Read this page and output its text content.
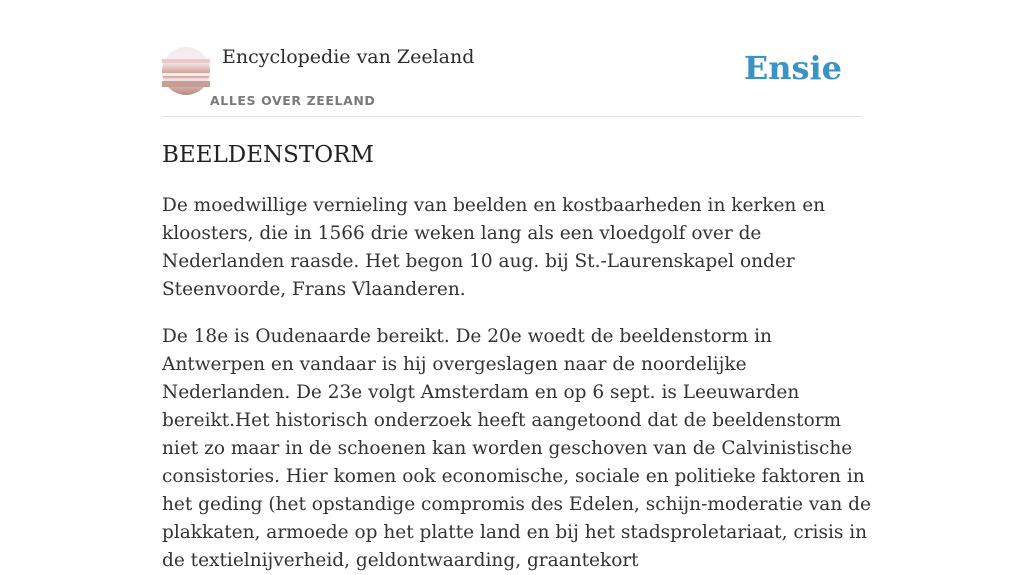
Encyclopedie van Zeeland
ALLES OVER ZEELAND
Ensie
BEELDENSTORM

De moedwillige vernieling van beelden en kostbaarheden in kerken en kloosters, die in 1566 drie weken lang als een vloedgolf over de Nederlanden raasde. Het begon 10 aug. bij St.-Laurenskapel onder Steenvoorde, Frans Vlaanderen.

De 18e is Oudenaarde bereikt. De 20e woedt de beeldenstorm in Antwerpen en vandaar is hij overgeslagen naar de noordelijke Nederlanden. De 23e volgt Amsterdam en op 6 sept. is Leeuwarden bereikt.Het historisch onderzoek heeft aangetoond dat de beeldenstorm niet zo maar in de schoenen kan worden geschoven van de Calvinistische consistories. Hier komen ook economische, sociale en politieke faktoren in het geding (het opstandige compromis des Edelen, schijn-moderatie van de plakkaten, armoede op het platte land en bij het stadsproletariaat, crisis in de textielnijverheid, geldontwaarding, graantekort
